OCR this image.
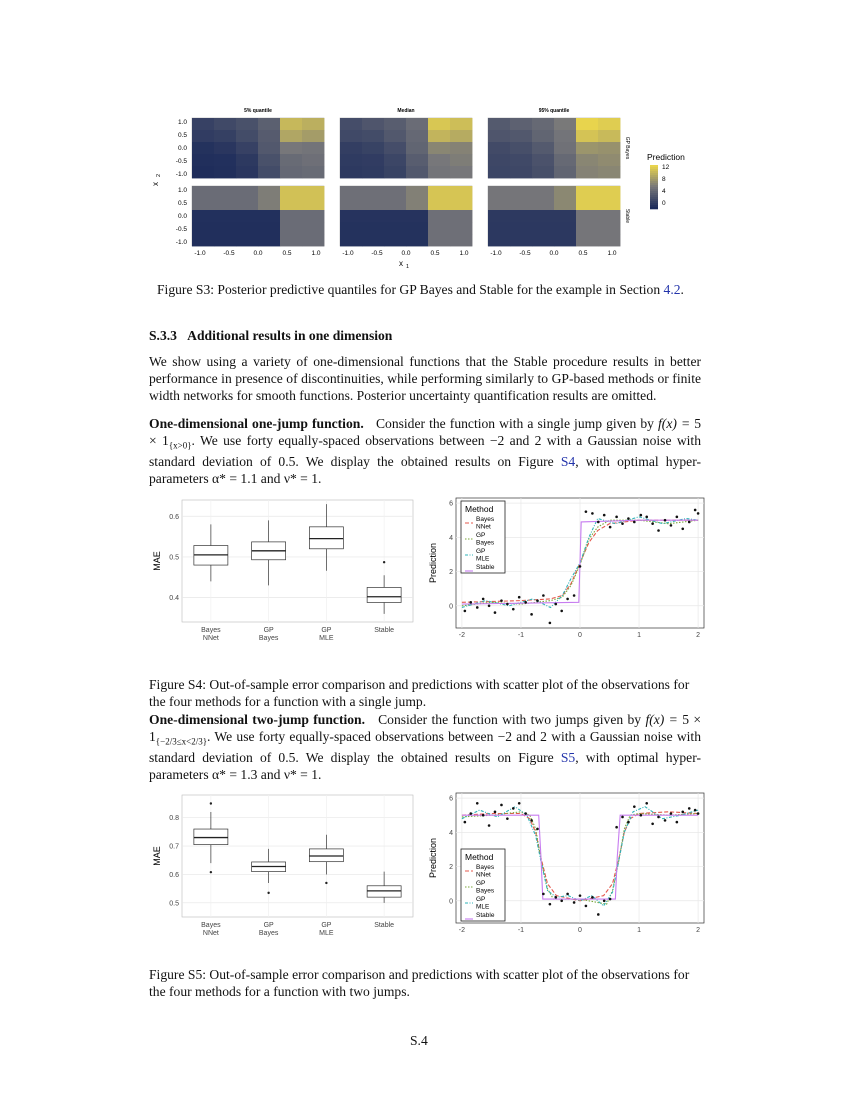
5% quantile	Median	95% quantile
GP Bayes
1.0
0.5
0.0
-0.5
-1.0
Stable
1.0
0.5
0.0
-0.5
-1.0
-1.0	-0.5	0.0	0.5	1.0	-1.0	-0.5	0.0	0.5	1.0	-1.0	-0.5	0.0	0.5	1.0
x 1
x
2
Prediction
12
8
4
0
Figure S3: Posterior predictive quantiles for GP Bayes and Stable for the example in Section 4.2.
S.3.3 Additional results in one dimension
We show using a variety of one-dimensional functions that the Stable procedure results in better performance in presence of discontinuities, while performing similarly to GP-based methods or finite width networks for smooth functions. Posterior uncertainty quantification results are omitted.
One-dimensional one-jump function. Consider the function with a single jump given by $f(x) = 5 \times 1_{\{x>0\}}$. We use forty equally-spaced observations between −2 and 2 with a Gaussian noise with standard deviation of 0.5. We display the obtained results on Figure S4, with optimal hyper-parameters α* = 1.1 and ν* = 1.
0.4
0.5
0.6
Bayes
NNet
GP
Bayes
GP
MLE
Stable
MAE
0
2
4
6
-2	-1	0	1	2
Prediction
Method
Bayes
NNet
GP
Bayes
GP
MLE
Stable
Figure S4: Out-of-sample error comparison and predictions with scatter plot of the observations for the four methods for a function with a single jump.
One-dimensional two-jump function. Consider the function with two jumps given by $f(x) = 5 \times 1_{\{-2/3\le x<2/3\}}$. We use forty equally-spaced observations between −2 and 2 with a Gaussian noise with standard deviation of 0.5. We display the obtained results on Figure S5, with optimal hyper-parameters α* = 1.3 and ν* = 1.
0.5
0.6
0.7
0.8
Bayes
NNet
GP
Bayes
GP
MLE
Stable
MAE
0
2
4
6
-2	-1	0	1	2
Prediction	Method
Bayes
NNet
GP
Bayes
GP
MLE
Stable
Figure S5: Out-of-sample error comparison and predictions with scatter plot of the observations for the four methods for a function with two jumps.
S.4
